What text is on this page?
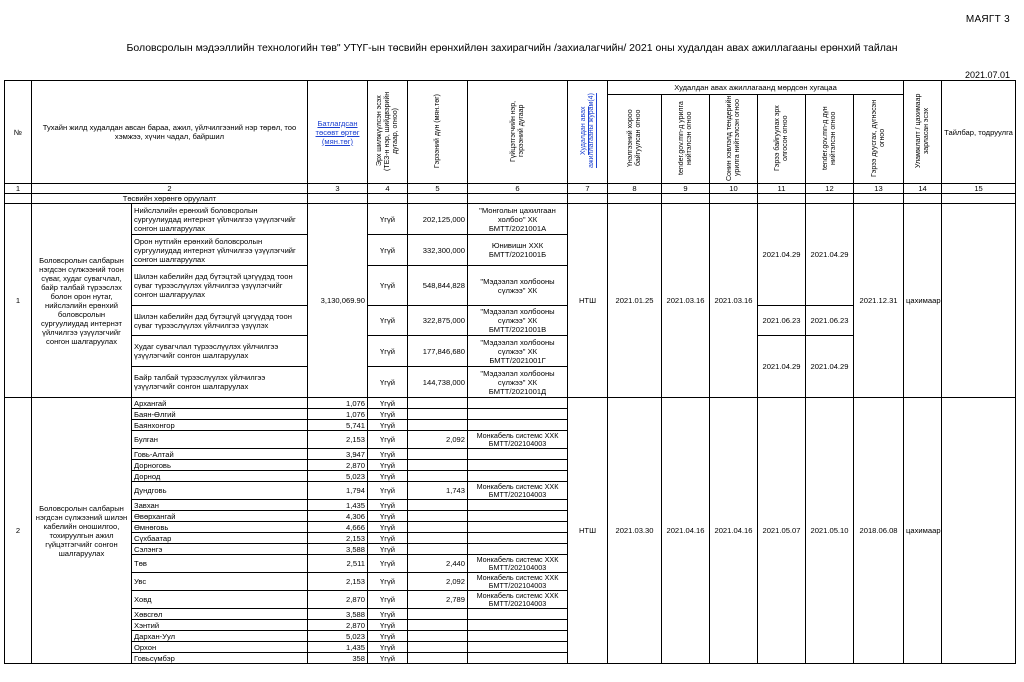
МАЯГТ 3
Боловсролын мэдээллийн технологийн төв" УТҮГ-ын төсвийн ерөнхийлөн захирагчийн /захиалагчийн/ 2021 оны худалдан авах ажиллагааны ерөнхий тайлан
2021.07.01
№	Тухайн жилд худалдан авсан бараа, ажил, үйлчилгээний нэр төрөл, тоо хэмжээ, хүчин чадал, байршил		Батлагдсан төсөвт өртөг (мян.төг)	Эрх шилжүүлсэн эсэх (ТЕЗ-н нэр, шийдвэрийн дугаар, огноо)	Гэрээний дүн (мян.төг)	Гүйцэтгэгчийн нэр, гэрээний дугаар	Худалдан авах ажиллагааны журам(4)	Худалдан авах ажиллагаанд мөрдсөн хугацаа						Уламжлалт / цахимаар зарласан эсэх	Тайлбар, тодруулга
								Үнэлгээний хороо байгуулсан огноо	tender.gov.mn-д урилга нийтэлсэн огноо	Сонин хэвлэлд тендерийн урилга нийтэлсэн огноо	Гэрээ байгуулах эрх олгосон огноо	tender.gov.mn-д дүн нийтэлсэн огноо	Гэрээ дуусгах, дүгнэсэн огноо		
1	2		3	4	5	6	7	8	9	10	11	12	13	14	15
	Төсвийн хөрөнгө оруулалт														
1	Боловсролын салбарын нэгдсэн сүлжээний тоон сүваг, худаг сувагчлал, байр талбай түрээслэх болон орон нутаг, нийслэлийн ерөнхий боловсролын сургуулиудад интернэт үйлчилгээ үзүүлэгчийг сонгон шалгаруулах	Нийслэлийн ерөнхий боловсролын сургуулиудад интернэт үйлчилгээ үзүүлэгчийг сонгон шалгаруулах	3,130,069.90	Үгүй	202,125,000	"Монголын цахилгаан холбоо" ХК БМТТ/2021001А	НТШ	2021.01.25	2021.03.16	2021.03.16	2021.04.29	2021.04.29	2021.12.31	цахимаар	
		Орон нутгийн ерөнхий боловсролын сургуулиудад интернэт үйлчилгээ үзүүлэгчийг сонгон шалгаруулах		Үгүй	332,300,000	Юнивишн ХХК БМТТ/2021001Б									
		Шилэн кабелийн дэд бүтэцтэй цэгүүдэд тоон сүваг түрээслүүлэх үйлчилгээ үзүүлэгчийг сонгон шалгаруулах		Үгүй	548,844,828	"Мэдээлэл холбооны сүлжээ" ХК									
		Шилэн кабелийн дэд бүтэцгүй цэгүүдэд тоон сүваг түрээслүүлэх үйлчилгээ үзүүлэх		Үгүй	322,875,000	"Мэдээлэл холбооны сүлжээ" ХК БМТТ/2021001В					2021.06.23	2021.06.23			
		Худаг сувагчлал түрээслүүлэх үйлчилгээ үзүүлэгчийг сонгон шалгаруулах		Үгүй	177,846,680	"Мэдээлэл холбооны сүлжээ" ХК БМТТ/2021001Г					2021.04.29	2021.04.29			
		Байр талбай түрээслүүлэх үйлчилгээ үзүүлэгчийг сонгон шалгаруулах		Үгүй	144,738,000	"Мэдээлэл холбооны сүлжээ" ХК БМТТ/2021001Д									
2	Боловсролын салбарын нэгдсэн сүлжээний шилэн кабелийн оношилгоо, тохируулгын ажил гүйцэтгэгчийг сонгон шалгаруулах	Архангай	1,076	Үгүй			НТШ	2021.03.30	2021.04.16	2021.04.16	2021.05.07	2021.05.10	2018.06.08	цахимаар	
		Баян-Өлгий	1,076	Үгүй											
		Баянхонгор	5,741	Үгүй											
		Булган	2,153	Үгүй	2,092	Монкабель системс ХХК БМТТ/202104003									
		Говь-Алтай	3,947	Үгүй											
		Дорноговь	2,870	Үгүй											
		Дорнод	5,023	Үгүй											
		Дундговь	1,794	Үгүй	1,743	Монкабель системс ХХК БМТТ/202104003									
		Завхан	1,435	Үгүй											
		Өвөрхангай	4,306	Үгүй											
		Өмнөговь	4,666	Үгүй											
		Сүхбаатар	2,153	Үгүй											
		Сэлэнгэ	3,588	Үгүй											
		Төв	2,511	Үгүй	2,440	Монкабель системс ХХК БМТТ/202104003									
		Увс	2,153	Үгүй	2,092	Монкабель системс ХХК БМТТ/202104003									
		Ховд	2,870	Үгүй	2,789	Монкабель системс ХХК БМТТ/202104003									
		Хөвсгөл	3,588	Үгүй											
		Хэнтий	2,870	Үгүй											
		Дархан-Уул	5,023	Үгүй											
		Орхон	1,435	Үгүй											
		Говьсүмбэр	358	Үгүй											
